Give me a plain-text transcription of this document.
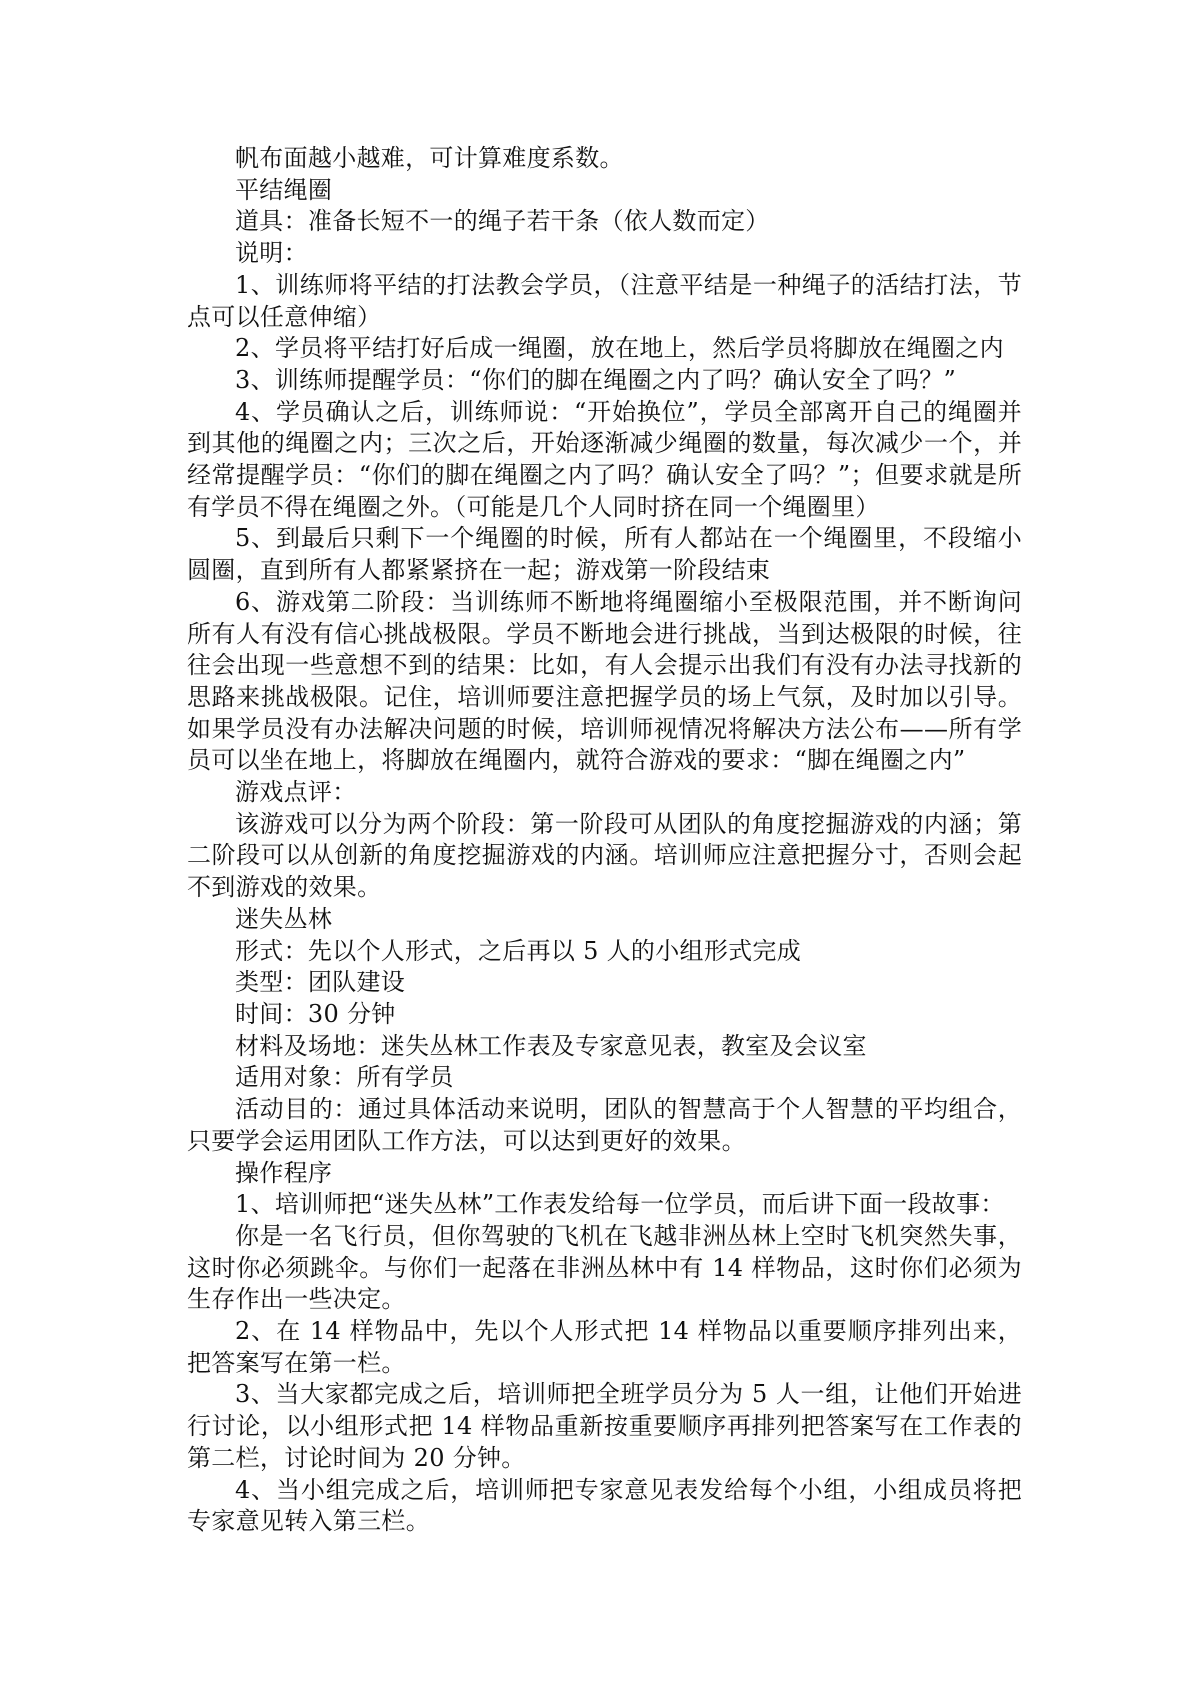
帆布面越小越难，可计算难度系数。

平结绳圈

道具：准备长短不一的绳子若干条（依人数而定）

说明：

1、训练师将平结的打法教会学员，（注意平结是一种绳子的活结打法，节点可以任意伸缩）

2、学员将平结打好后成一绳圈，放在地上，然后学员将脚放在绳圈之内

3、训练师提醒学员：“你们的脚在绳圈之内了吗？确认安全了吗？”

4、学员确认之后，训练师说：“开始换位”，学员全部离开自己的绳圈并到其他的绳圈之内；三次之后，开始逐渐减少绳圈的数量，每次减少一个，并经常提醒学员：“你们的脚在绳圈之内了吗？确认安全了吗？”；但要求就是所有学员不得在绳圈之外。（可能是几个人同时挤在同一个绳圈里）

5、到最后只剩下一个绳圈的时候，所有人都站在一个绳圈里，不段缩小圆圈，直到所有人都紧紧挤在一起；游戏第一阶段结束

6、游戏第二阶段：当训练师不断地将绳圈缩小至极限范围，并不断询问所有人有没有信心挑战极限。学员不断地会进行挑战，当到达极限的时候，往往会出现一些意想不到的结果：比如，有人会提示出我们有没有办法寻找新的思路来挑战极限。记住，培训师要注意把握学员的场上气氛，及时加以引导。如果学员没有办法解决问题的时候，培训师视情况将解决方法公布——所有学员可以坐在地上，将脚放在绳圈内，就符合游戏的要求：“脚在绳圈之内”

游戏点评：

该游戏可以分为两个阶段：第一阶段可从团队的角度挖掘游戏的内涵；第二阶段可以从创新的角度挖掘游戏的内涵。培训师应注意把握分寸，否则会起不到游戏的效果。

迷失丛林

形式：先以个人形式，之后再以 5 人的小组形式完成

类型：团队建设

时间：30 分钟

材料及场地：迷失丛林工作表及专家意见表，教室及会议室

适用对象：所有学员

活动目的：通过具体活动来说明，团队的智慧高于个人智慧的平均组合，只要学会运用团队工作方法，可以达到更好的效果。

操作程序

1、培训师把“迷失丛林”工作表发给每一位学员，而后讲下面一段故事：

你是一名飞行员，但你驾驶的飞机在飞越非洲丛林上空时飞机突然失事，这时你必须跳伞。与你们一起落在非洲丛林中有 14 样物品，这时你们必须为生存作出一些决定。

2、在 14 样物品中，先以个人形式把 14 样物品以重要顺序排列出来，把答案写在第一栏。

3、当大家都完成之后，培训师把全班学员分为 5 人一组，让他们开始进行讨论，以小组形式把 14 样物品重新按重要顺序再排列把答案写在工作表的第二栏，讨论时间为 20 分钟。

4、当小组完成之后，培训师把专家意见表发给每个小组，小组成员将把专家意见转入第三栏。
